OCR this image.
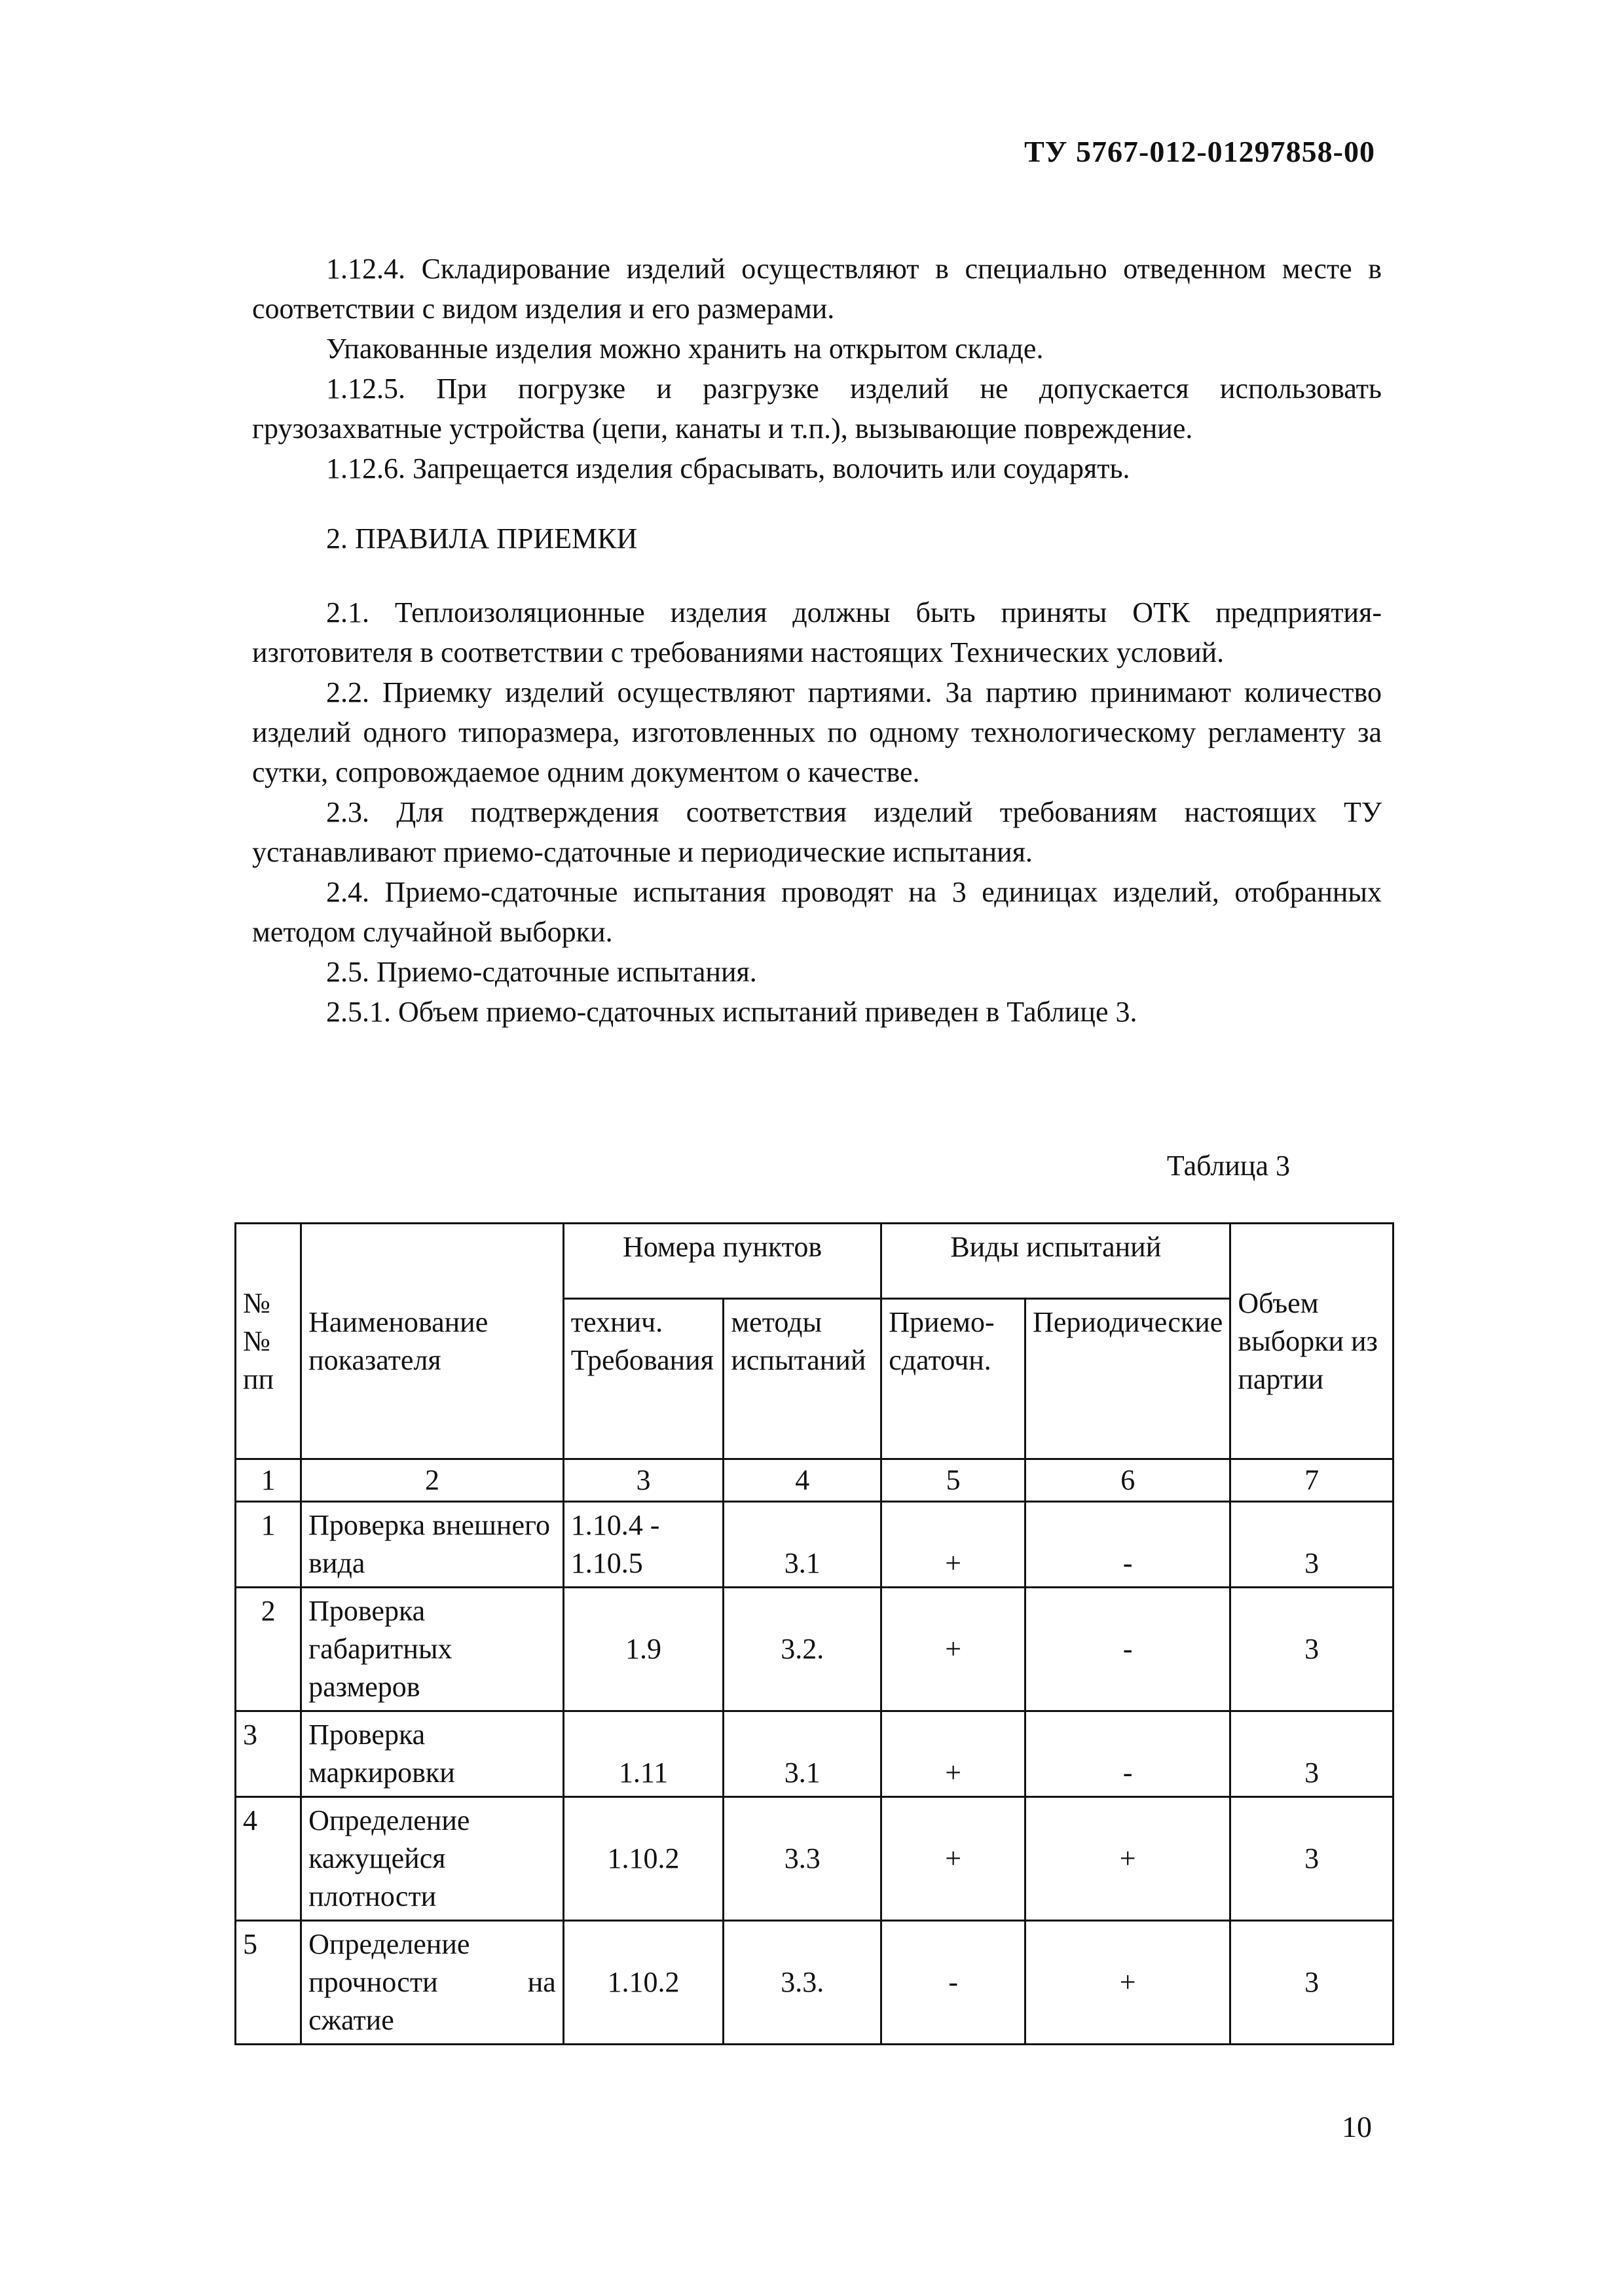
ТУ 5767-012-01297858-00

1.12.4. Складирование изделий осуществляют в специально отведенном месте в соответствии с видом изделия и его размерами.

Упакованные изделия можно хранить на открытом складе.

1.12.5. При погрузке и разгрузке изделий не допускается использовать грузозахватные устройства (цепи, канаты и т.п.), вызывающие повреждение.

1.12.6. Запрещается изделия сбрасывать, волочить или соударять.

2. ПРАВИЛА ПРИЕМКИ

2.1. Теплоизоляционные изделия должны быть приняты ОТК предприятия-изготовителя в соответствии с требованиями настоящих Технических условий.

2.2. Приемку изделий осуществляют партиями. За партию принимают количество изделий одного типоразмера, изготовленных по одному технологическому регламенту за сутки, сопровождаемое одним документом о качестве.

2.3. Для подтверждения соответствия изделий требованиям настоящих ТУ устанавливают приемо-сдаточные и периодические испытания.

2.4. Приемо-сдаточные испытания проводят на 3 единицах изделий, отобранных методом случайной выборки.

2.5. Приемо-сдаточные испытания.

2.5.1. Объем приемо-сдаточных испытаний приведен в Таблице 3.

Таблица 3
№ № пп	Наименование показателя	Номера пунктов		Виды испытаний		Объем выборки из партии
		технич. Требования	методы испытаний	Приемо-сдаточн.	Периодические	
1	2	3	4	5	6	7
1	Проверка внешнего вида	1.10.4 - 1.10.5	3.1	+	-	3
2	Проверка габаритных размеров	1.9	3.2.	+	-	3
3	Проверка маркировки	1.11	3.1	+	-	3
4	Определение кажущейся плотности	1.10.2	3.3	+	+	3
5	Определение прочности на сжатие	1.10.2	3.3.	-	+	3
10
